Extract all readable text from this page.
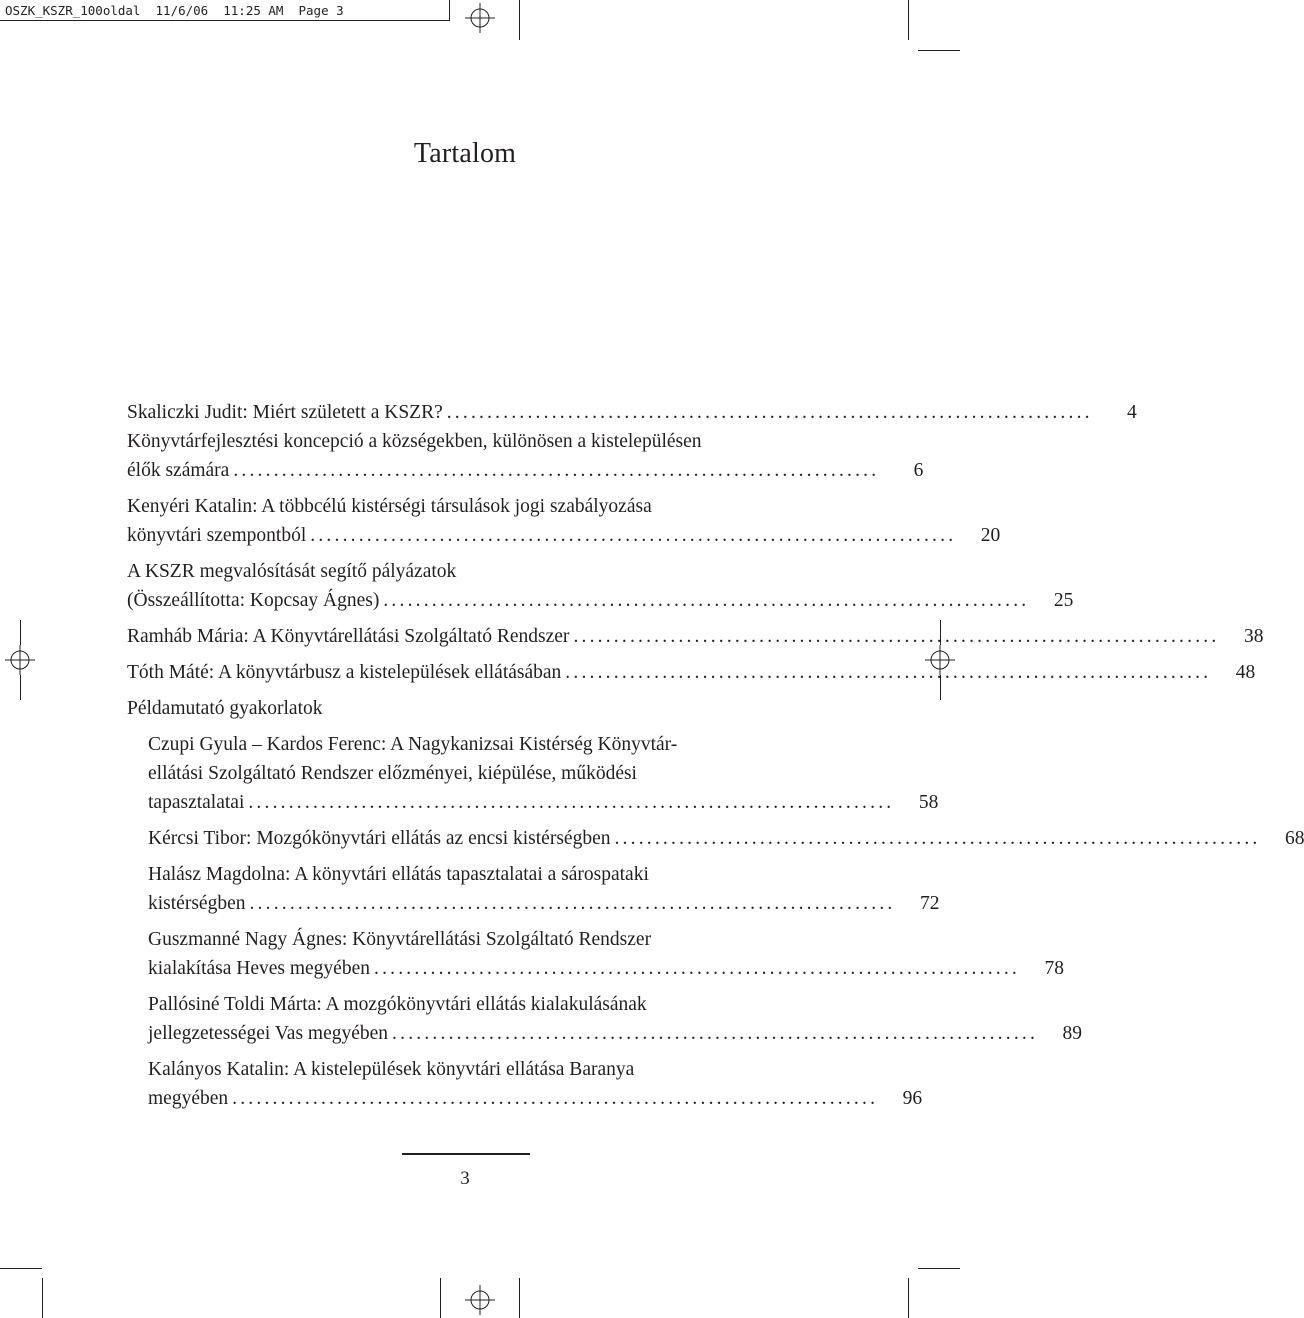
OSZK_KSZR_100oldal  11/6/06  11:25 AM  Page 3
Tartalom
Skaliczki Judit: Miért született a KSZR? ................................................................................	4
Könyvtárfejlesztési koncepció a községekben, különösen a kistelepülésen
élők számára ................................................................................	6
Kenyéri Katalin: A többcélú kistérségi társulások jogi szabályozása
könyvtári szempontból ................................................................................	20
A KSZR megvalósítását segítő pályázatok
(Összeállította: Kopcsay Ágnes) ................................................................................	25
Ramháb Mária: A Könyvtárellátási Szolgáltató Rendszer ................................................................................	38
Tóth Máté: A könyvtárbusz a kistelepülések ellátásában ................................................................................	48
Példamutató gyakorlatok
Czupi Gyula – Kardos Ferenc: A Nagykanizsai Kistérség Könyvtár-
ellátási Szolgáltató Rendszer előzményei, kiépülése, működési
tapasztalatai ................................................................................	58
Kércsi Tibor: Mozgókönyvtári ellátás az encsi kistérségben ................................................................................	68
Halász Magdolna: A könyvtári ellátás tapasztalatai a sárospataki
kistérségben ................................................................................	72
Guszmanné Nagy Ágnes: Könyvtárellátási Szolgáltató Rendszer
kialakítása Heves megyében ................................................................................	78
Pallósiné Toldi Márta: A mozgókönyvtári ellátás kialakulásának
jellegzetességei Vas megyében ................................................................................	89
Kalányos Katalin: A kistelepülések könyvtári ellátása Baranya
megyében ................................................................................	96
3
